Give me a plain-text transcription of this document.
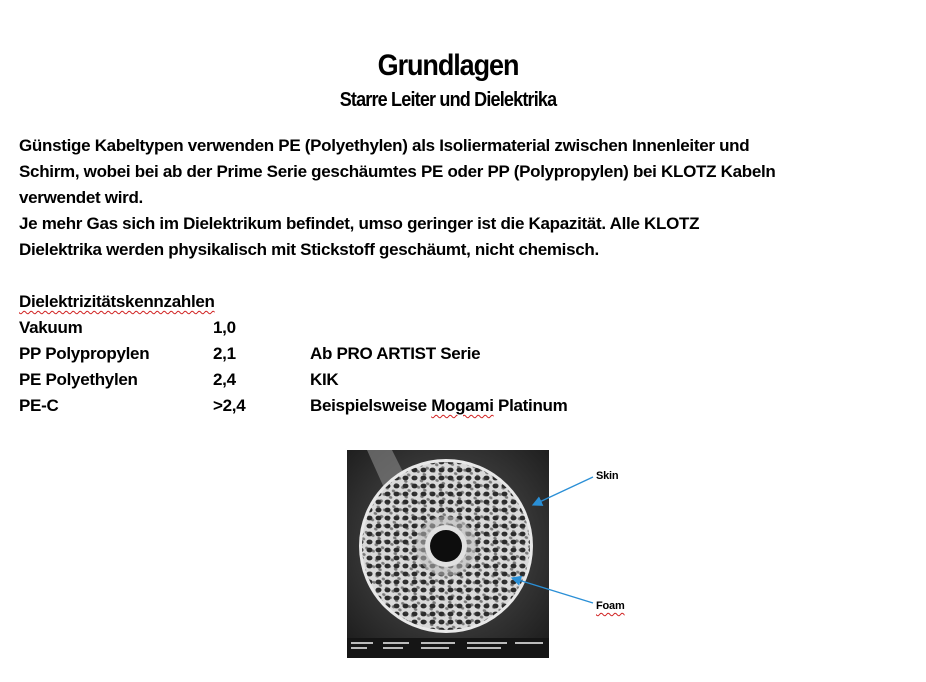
Grundlagen
Starre Leiter und Dielektrika
Günstige Kabeltypen verwenden PE (Polyethylen) als Isoliermaterial zwischen Innenleiter und
Schirm, wobei bei ab der Prime Serie geschäumtes PE oder PP (Polypropylen) bei KLOTZ Kabeln
verwendet wird.
Je mehr Gas sich im Dielektrikum befindet, umso geringer ist die Kapazität. Alle KLOTZ
Dielektrika werden physikalisch mit Stickstoff geschäumt, nicht chemisch.
Dielektrizitätskennzahlen
Vakuum	1,0
PP Polypropylen	2,1	Ab PRO ARTIST Serie
PE Polyethylen	2,4	KIK
PE-C	>2,4	Beispielsweise Mogami Platinum
Skin
Foam
